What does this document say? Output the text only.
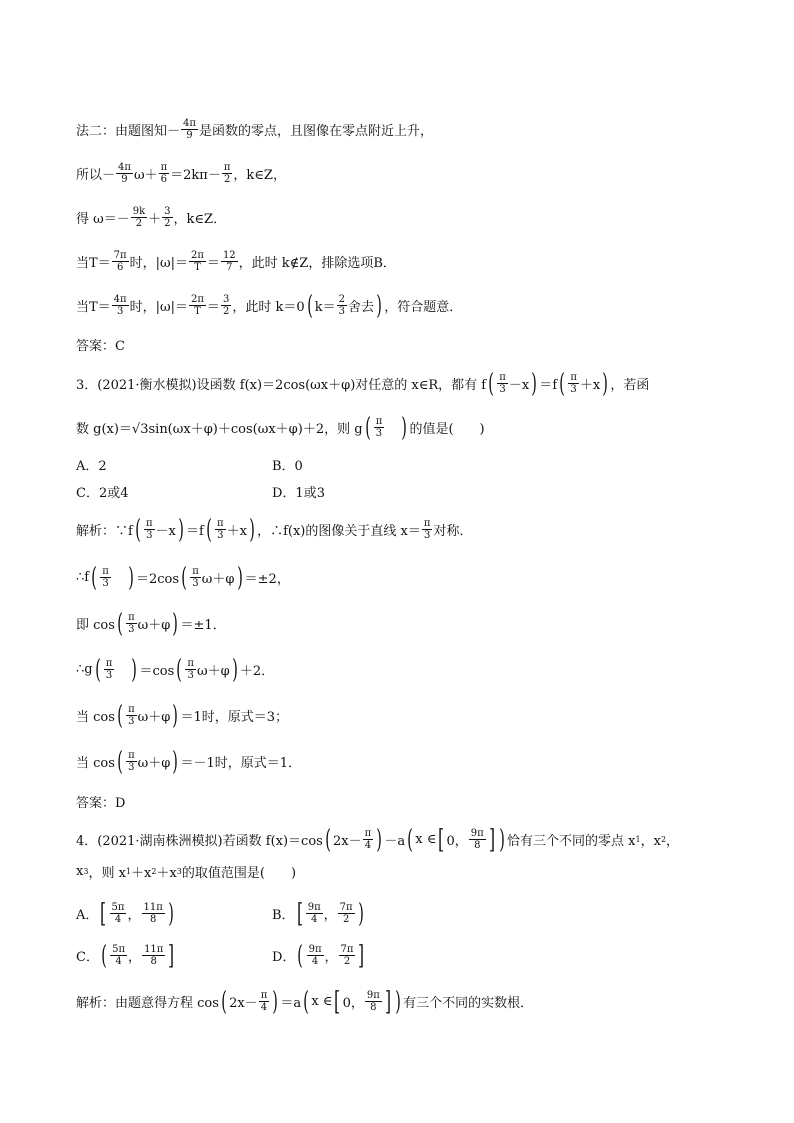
法二：由题图知－ $\frac{4\pi}{9}$ 是函数的零点，且图像在零点附近上升，
所以－ $\frac{4\pi}{9} \omega+ \frac{\pi}{6} =2k\pi- \frac{\pi}{2}$ ，k∈Z，
得 $\omega=- \frac{9k}{2} + \frac{3}{2}$ ，k∈Z．
当$T= \frac{7\pi}{6}$ 时，$|\omega|= \frac{2\pi}{T} = \frac{12}{7}$ ，此时 k∉Z，排除选项B．
当$T= \frac{4\pi}{3}$ 时，$|\omega|= \frac{2\pi}{T} = \frac{3}{2}$ ，此时 k＝0 ( $k= \frac{2}{3}$ 舍去 ) ，符合题意．
答案：C
3．(2021·衡水模拟)设函数 f(x)＝2cos(ωx＋φ)对任意的 x∈R，都有 f ( $\frac{\pi}{3} -x$ ) ＝f ( $\frac{\pi}{3} +x$ ) ，若函
数 g(x)＝√3sin(ωx＋φ)＋cos(ωx＋φ)＋2，则 g ( $\frac{\pi}{3}$ ) 的值是(　　)
A．2	B．0
C．2或4	D．1或3
解析：∵f ( $\frac{\pi}{3} -x$ ) ＝f ( $\frac{\pi}{3} +x$ ) ，∴f(x)的图像关于直线 $x= \frac{\pi}{3}$ 对称．
∴f ( $\frac{\pi}{3}$ ) ＝2cos ( $\frac{\pi}{3} \omega+\varphi$ ) ＝±2，
即 cos ( $\frac{\pi}{3} \omega+\varphi$ ) ＝±1．
∴g ( $\frac{\pi}{3}$ ) ＝cos ( $\frac{\pi}{3} \omega+\varphi$ ) ＋2．
当 cos ( $\frac{\pi}{3} \omega+\varphi$ ) ＝1时，原式＝3；
当 cos ( $\frac{\pi}{3} \omega+\varphi$ ) ＝－1时，原式＝1．
答案：D
4．(2021·湖南株洲模拟)若函数 f(x)＝cos ( $2x- \frac{\pi}{4}$ ) －a ( x ∈ [ 0， $\frac{9\pi}{8}$ ] ) 恰有三个不同的零点 x 1 ，x 2 ，
x 3 ，则 x 1 ＋x 2 ＋x 3 的取值范围是(　　)
A． [ $\frac{5\pi}{4}$ ， $\frac{11\pi}{8}$ )	B． [ $\frac{9\pi}{4}$ ， $\frac{7\pi}{2}$ )
C． ( $\frac{5\pi}{4}$ ， $\frac{11\pi}{8}$ ]	D． ( $\frac{9\pi}{4}$ ， $\frac{7\pi}{2}$ ]
解析：由题意得方程 cos ( $2x- \frac{\pi}{4}$ ) ＝a ( x ∈ [ 0， $\frac{9\pi}{8}$ ] ) 有三个不同的实数根．
